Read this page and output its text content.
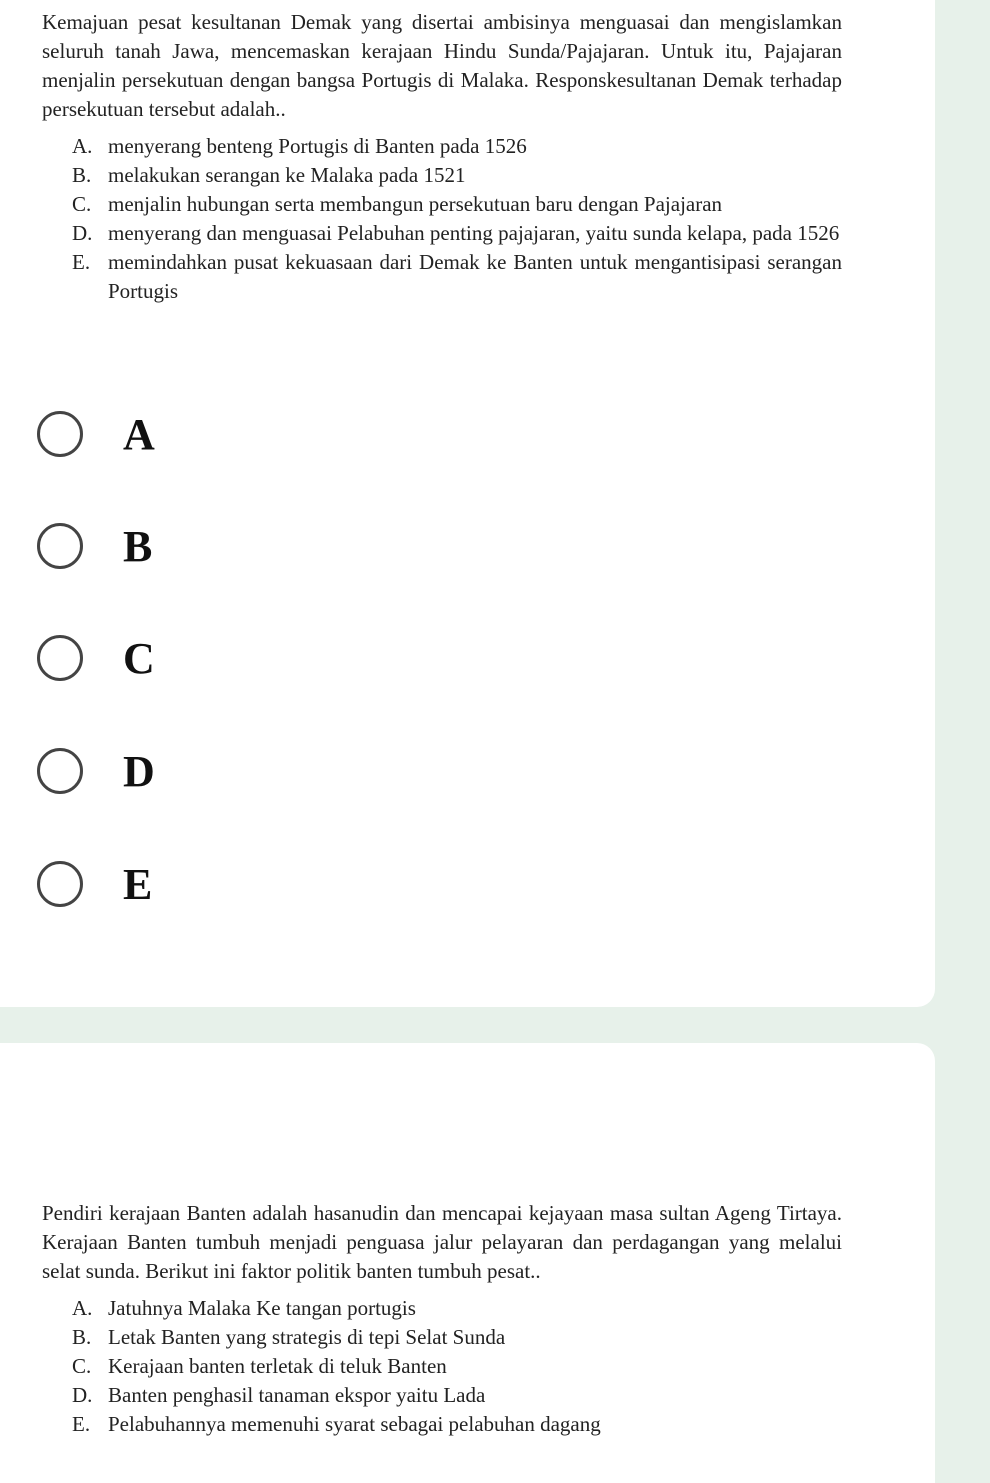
Kemajuan pesat kesultanan Demak yang disertai ambisinya menguasai dan mengislamkan seluruh tanah Jawa, mencemaskan kerajaan Hindu Sunda/Pajajaran. Untuk itu, Pajajaran menjalin persekutuan dengan bangsa Portugis di Malaka. Responskesultanan Demak terhadap persekutuan tersebut adalah..

A. menyerang benteng Portugis di Banten pada 1526
B. melakukan serangan ke Malaka pada 1521
C. menjalin hubungan serta membangun persekutuan baru dengan Pajajaran
D. menyerang dan menguasai Pelabuhan penting pajajaran, yaitu sunda kelapa, pada 1526
E. memindahkan pusat kekuasaan dari Demak ke Banten untuk mengantisipasi serangan Portugis
A
B
C
D
E

Pendiri kerajaan Banten adalah hasanudin dan mencapai kejayaan masa sultan Ageng Tirtaya. Kerajaan Banten tumbuh menjadi penguasa jalur pelayaran dan perdagangan yang melalui selat sunda. Berikut ini faktor politik banten tumbuh pesat..

A. Jatuhnya Malaka Ke tangan portugis
B. Letak Banten yang strategis di tepi Selat Sunda
C. Kerajaan banten terletak di teluk Banten
D. Banten penghasil tanaman ekspor yaitu Lada
E. Pelabuhannya memenuhi syarat sebagai pelabuhan dagang
